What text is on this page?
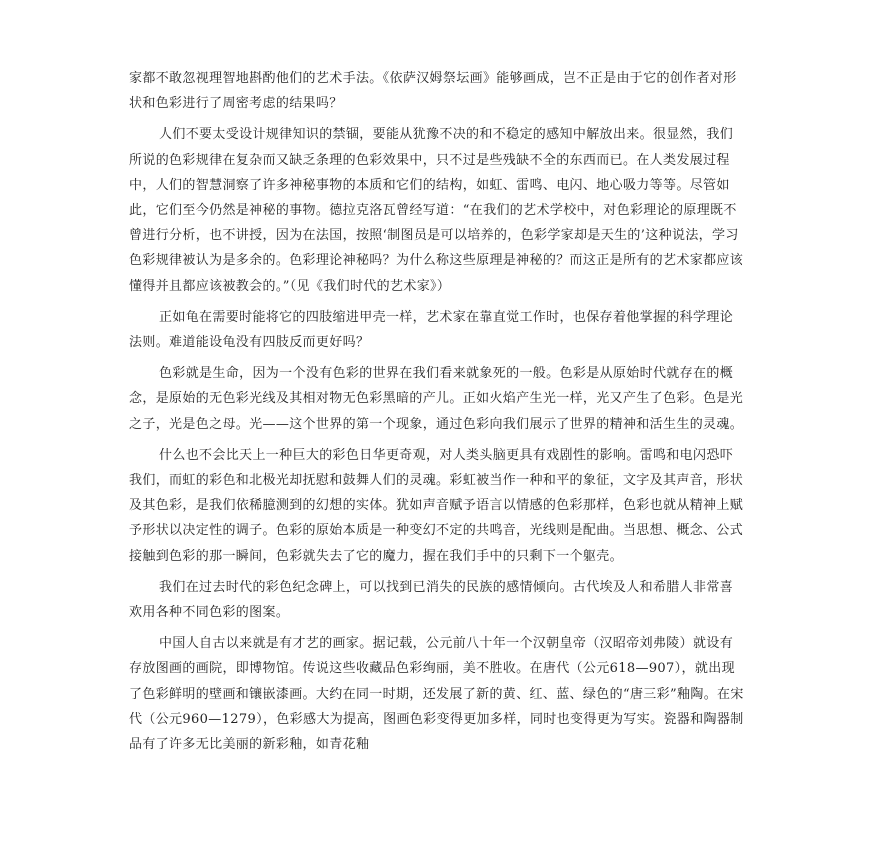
家都不敢忽视理智地斟酌他们的艺术手法。《依萨汉姆祭坛画》能够画成，岂不正是由于它的创作者对形状和色彩进行了周密考虑的结果吗？

人们不要太受设计规律知识的禁锢，要能从犹豫不决的和不稳定的感知中解放出来。很显然，我们所说的色彩规律在复杂而又缺乏条理的色彩效果中，只不过是些残缺不全的东西而已。在人类发展过程中，人们的智慧洞察了许多神秘事物的本质和它们的结构，如虹、雷鸣、电闪、地心吸力等等。尽管如此，它们至今仍然是神秘的事物。德拉克洛瓦曾经写道：“在我们的艺术学校中，对色彩理论的原理既不曾进行分析，也不讲授，因为在法国，按照‘制图员是可以培养的，色彩学家却是天生的’这种说法，学习色彩规律被认为是多余的。色彩理论神秘吗？为什么称这些原理是神秘的？而这正是所有的艺术家都应该懂得并且都应该被教会的。”（见《我们时代的艺术家》）

正如龟在需要时能将它的四肢缩进甲壳一样，艺术家在靠直觉工作时，也保存着他掌握的科学理论法则。难道能设龟没有四肢反而更好吗？

色彩就是生命，因为一个没有色彩的世界在我们看来就象死的一般。色彩是从原始时代就存在的概念，是原始的无色彩光线及其相对物无色彩黑暗的产儿。正如火焰产生光一样，光又产生了色彩。色是光之子，光是色之母。光——这个世界的第一个现象，通过色彩向我们展示了世界的精神和活生生的灵魂。

什么也不会比天上一种巨大的彩色日华更奇观，对人类头脑更具有戏剧性的影响。雷鸣和电闪恐吓我们，而虹的彩色和北极光却抚慰和鼓舞人们的灵魂。彩虹被当作一种和平的象征，文字及其声音，形状及其色彩，是我们依稀臆测到的幻想的实体。犹如声音赋予语言以情感的色彩那样，色彩也就从精神上赋予形状以决定性的调子。色彩的原始本质是一种变幻不定的共鸣音，光线则是配曲。当思想、概念、公式接触到色彩的那一瞬间，色彩就失去了它的魔力，握在我们手中的只剩下一个躯壳。

我们在过去时代的彩色纪念碑上，可以找到已消失的民族的感情倾向。古代埃及人和希腊人非常喜欢用各种不同色彩的图案。

中国人自古以来就是有才艺的画家。据记载，公元前八十年一个汉朝皇帝（汉昭帝刘弗陵）就设有存放图画的画院，即博物馆。传说这些收藏品色彩绚丽，美不胜收。在唐代（公元618—907），就出现了色彩鲜明的壁画和镶嵌漆画。大约在同一时期，还发展了新的黄、红、蓝、绿色的“唐三彩”釉陶。在宋代（公元960—1279），色彩感大为提高，图画色彩变得更加多样，同时也变得更为写实。瓷器和陶器制品有了许多无比美丽的新彩釉，如青花釉
